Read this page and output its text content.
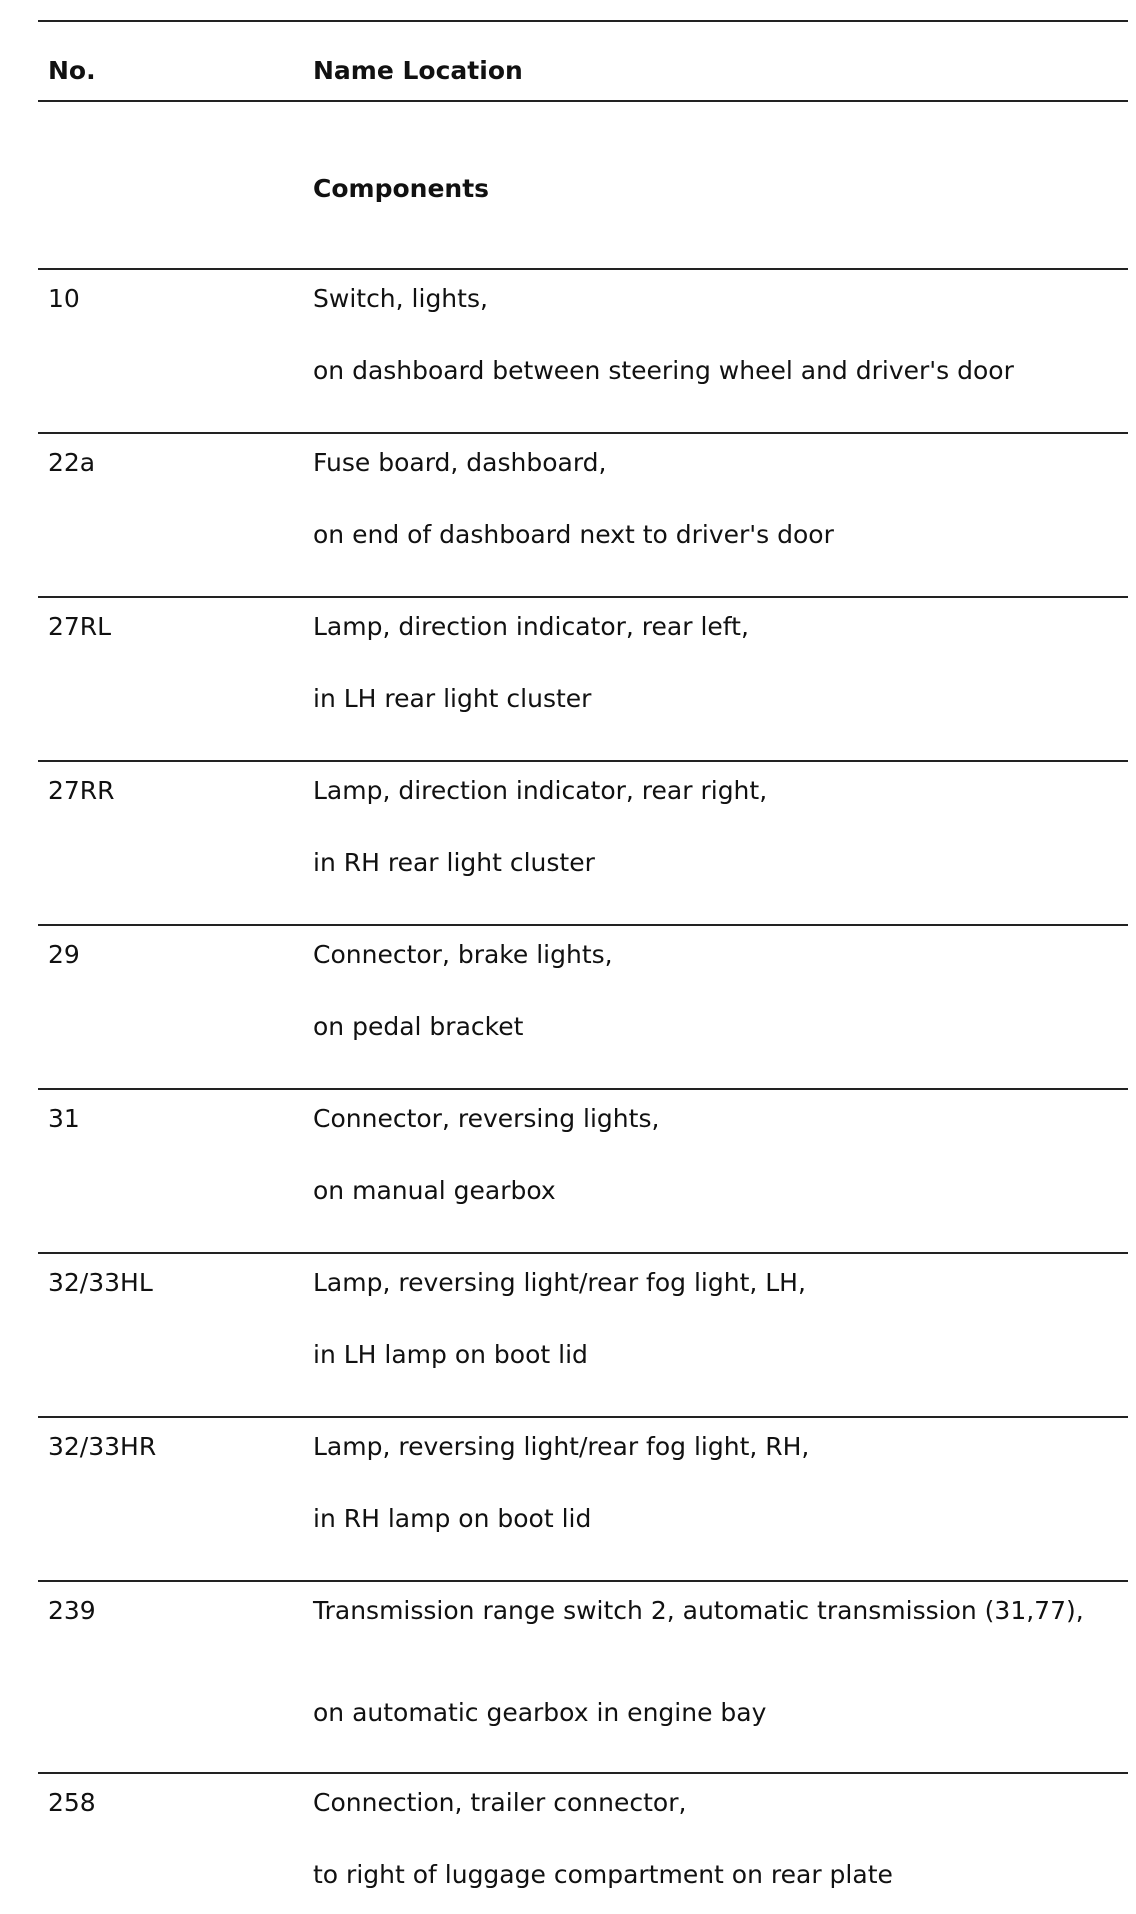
No.	Name Location
Components
10	Switch, lights,
on dashboard between steering wheel and driver's door
22a	Fuse board, dashboard,
on end of dashboard next to driver's door
27RL	Lamp, direction indicator, rear left,
in LH rear light cluster
27RR	Lamp, direction indicator, rear right,
in RH rear light cluster
29	Connector, brake lights,
on pedal bracket
31	Connector, reversing lights,
on manual gearbox
32/33HL	Lamp, reversing light/rear fog light, LH,
in LH lamp on boot lid
32/33HR	Lamp, reversing light/rear fog light, RH,
in RH lamp on boot lid
239	Transmission range switch 2, automatic transmission (31,77),
on automatic gearbox in engine bay
258	Connection, trailer connector,
to right of luggage compartment on rear plate
